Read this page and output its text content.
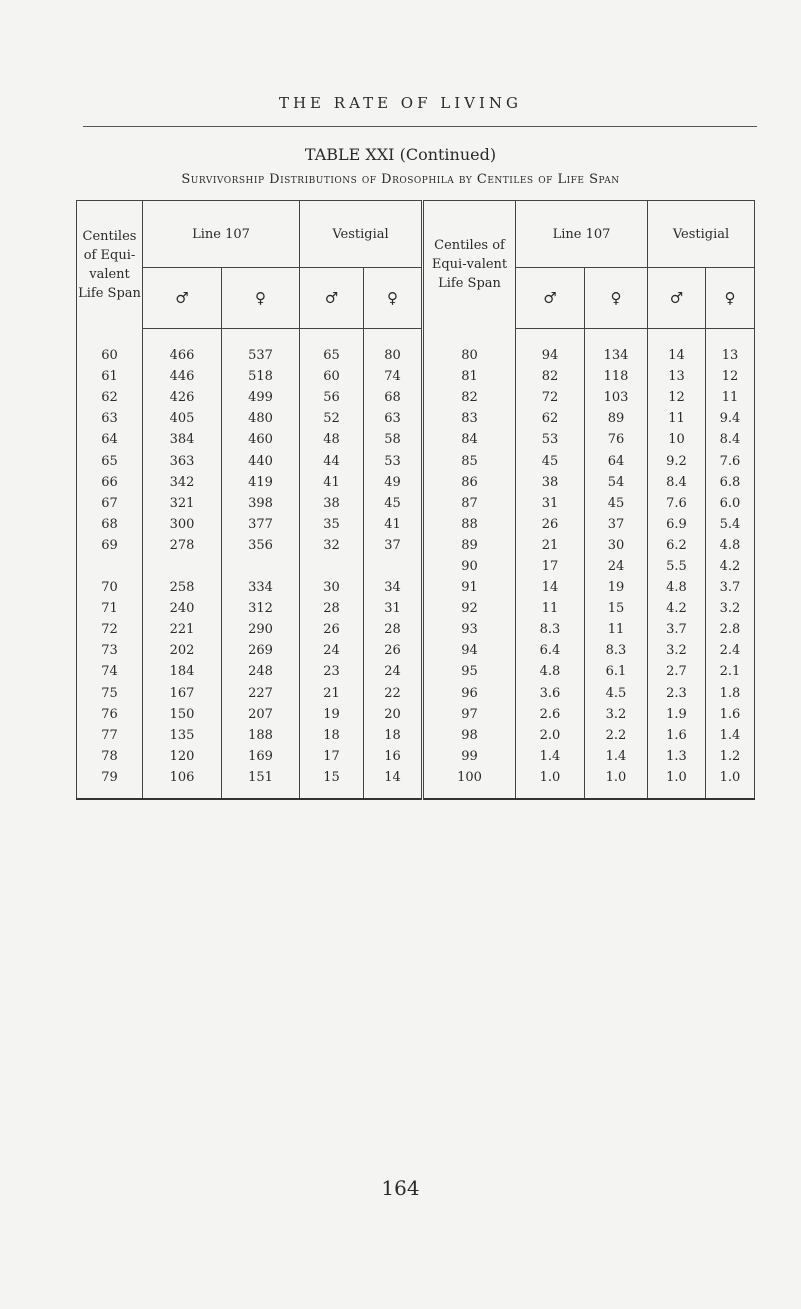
THE RATE OF LIVING
TABLE XXI (Continued)
Survivorship Distributions of Drosophila by Centiles of Life Span
Centiles of Equi-valent Life Span	Line 107		Vestigial		Centiles of Equi-valent Life Span	Line 107		Vestigial	
	♂	♀	♂	♀		♂	♀	♂	♀
60	466	537	65	80	80	94	134	14	13
61	446	518	60	74	81	82	118	13	12
62	426	499	56	68	82	72	103	12	11
63	405	480	52	63	83	62	89	11	9.4
64	384	460	48	58	84	53	76	10	8.4
65	363	440	44	53	85	45	64	9.2	7.6
66	342	419	41	49	86	38	54	8.4	6.8
67	321	398	38	45	87	31	45	7.6	6.0
68	300	377	35	41	88	26	37	6.9	5.4
69	278	356	32	37	89	21	30	6.2	4.8
					90	17	24	5.5	4.2
70	258	334	30	34	91	14	19	4.8	3.7
71	240	312	28	31	92	11	15	4.2	3.2
72	221	290	26	28	93	8.3	11	3.7	2.8
73	202	269	24	26	94	6.4	8.3	3.2	2.4
74	184	248	23	24	95	4.8	6.1	2.7	2.1
75	167	227	21	22	96	3.6	4.5	2.3	1.8
76	150	207	19	20	97	2.6	3.2	1.9	1.6
77	135	188	18	18	98	2.0	2.2	1.6	1.4
78	120	169	17	16	99	1.4	1.4	1.3	1.2
79	106	151	15	14	100	1.0	1.0	1.0	1.0
164
